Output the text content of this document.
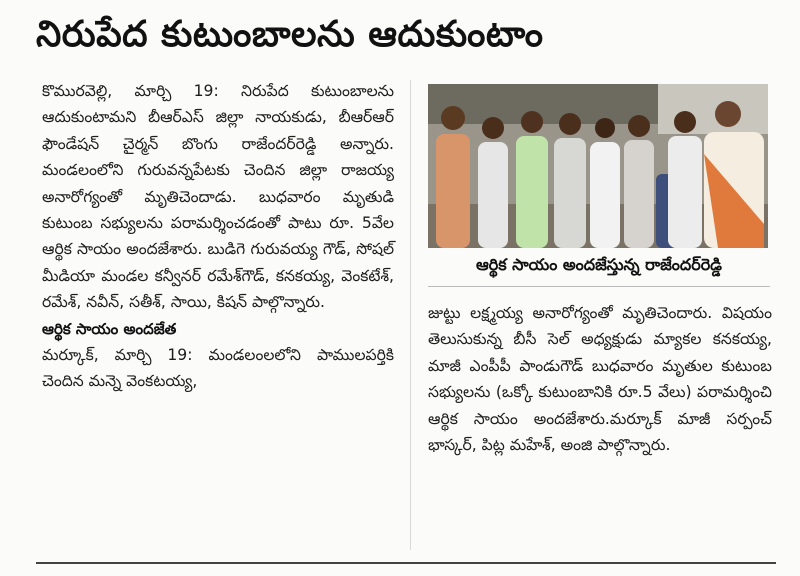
నిరుపేద కుటుంబాలను ఆదుకుంటాం

కొమురవెల్లి, మార్చి 19: నిరుపేద కుటుంబాలను ఆదుకుంటామని బీఆర్ఎస్ జిల్లా నాయకుడు, బీఆర్ఆర్ ఫౌండేషన్ చైర్మన్ బొంగు రాజేందర్‌రెడ్డి అన్నారు. మండలంలోని గురువన్నపేటకు చెందిన జిల్లా రాజయ్య అనారోగ్యంతో మృతిచెందాడు. బుధవారం మృతుడి కుటుంబ సభ్యులను పరామర్శించడంతో పాటు రూ. 5వేల ఆర్థిక సాయం అందజేశారు. బుడిగె గురువయ్య గౌడ్, సోషల్ మీడియా మండల కన్వీనర్ రమేశ్‌గౌడ్, కనకయ్య, వెంకటేశ్, రమేశ్, నవీన్, సతీశ్, సాయి, కిషన్ పాల్గొన్నారు.

ఆర్థిక సాయం అందజేత

మర్కూక్, మార్చి 19: మండలంలలోని పాములపర్తికి చెందిన మన్నె వెంకటయ్య,

ఆర్థిక సాయం అందజేస్తున్న రాజేందర్‌రెడ్డి

జుట్టు లక్ష్మయ్య అనారోగ్యంతో మృతిచెందారు. విషయం తెలుసుకున్న బీసీ సెల్ అధ్యక్షుడు మ్యాకల కనకయ్య, మాజీ ఎంపీపీ పాండుగౌడ్ బుధవారం మృతుల కుటుంబ సభ్యులను (ఒక్కో కుటుంబానికి రూ.5 వేలు) పరామర్శించి ఆర్థిక సాయం అందజేశారు.మర్కూక్ మాజీ సర్పంచ్ భాస్కర్, పిట్ల మహేశ్, అంజి పాల్గొన్నారు.
